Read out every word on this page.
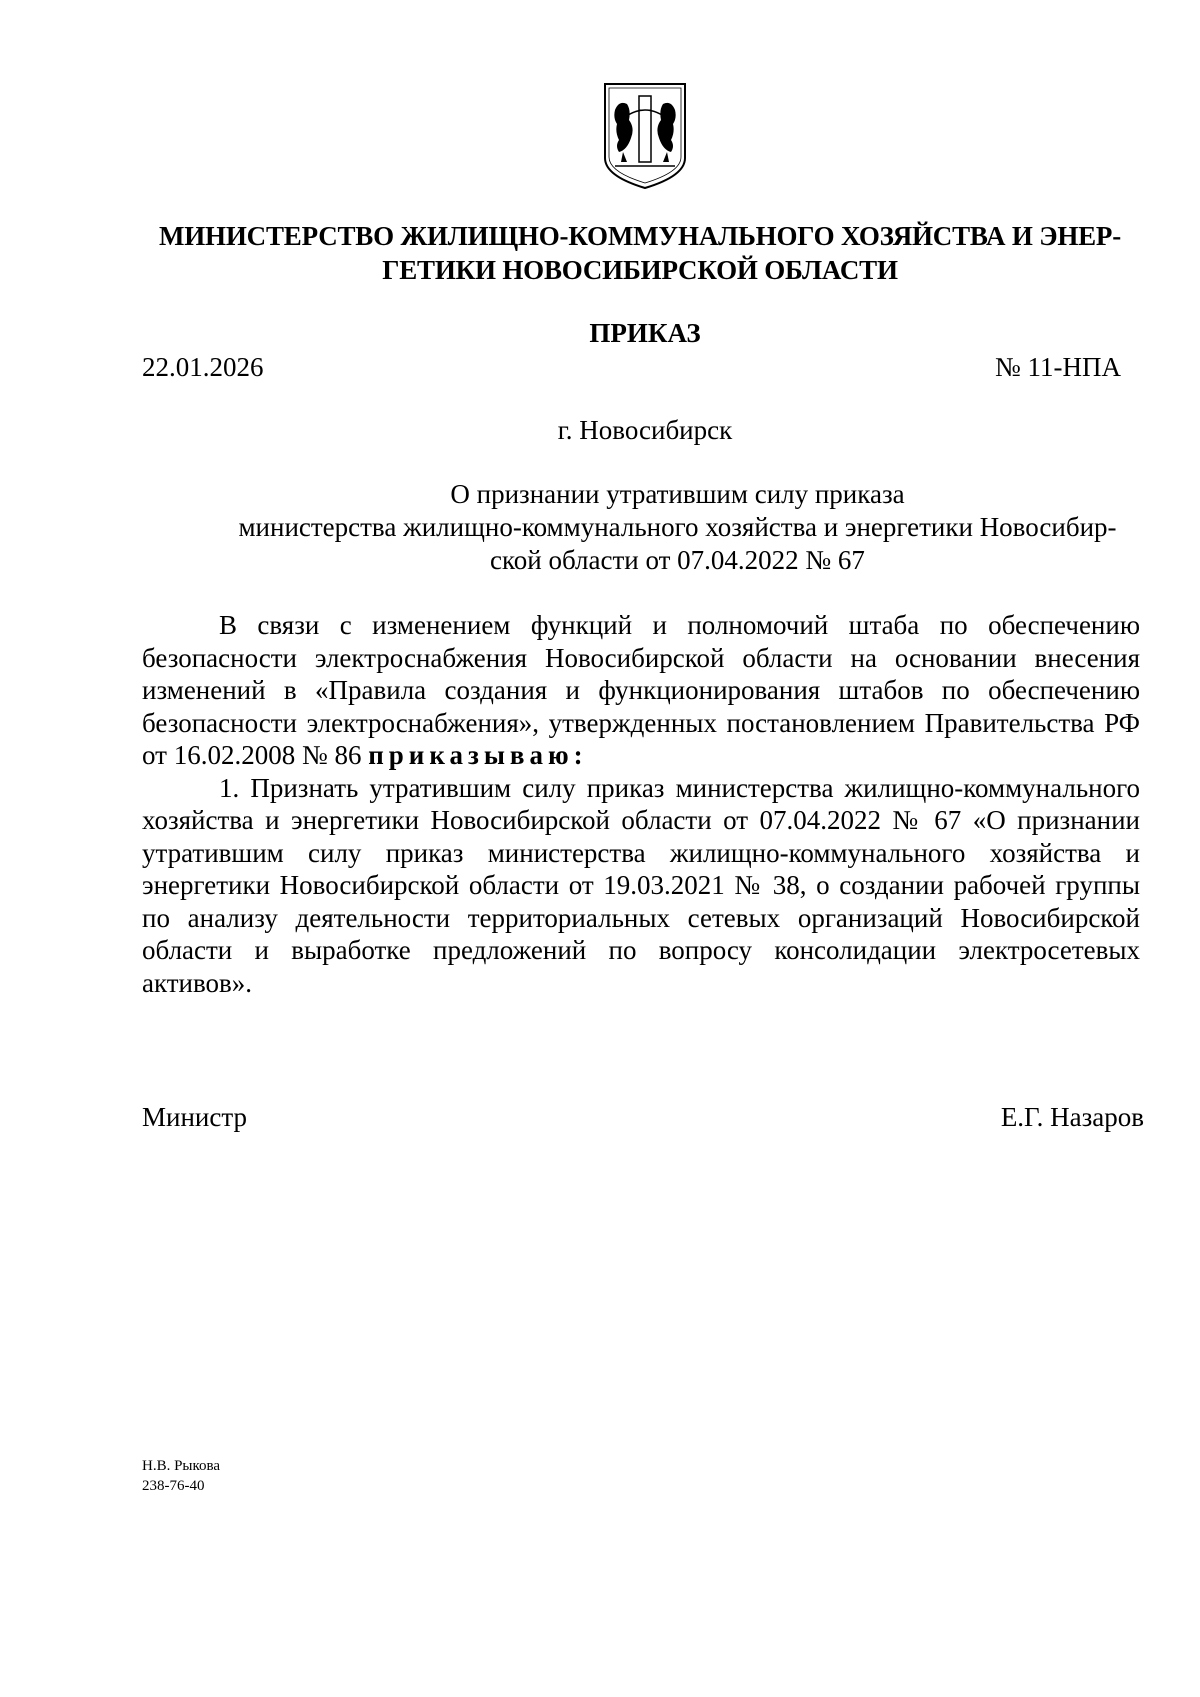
МИНИСТЕРСТВО ЖИЛИЩНО-КОММУНАЛЬНОГО ХОЗЯЙСТВА И ЭНЕР-
ГЕТИКИ НОВОСИБИРСКОЙ ОБЛАСТИ
ПРИКАЗ
22.01.2026	№ 11-НПА
г. Новосибирск
О признании утратившим силу приказа
министерства жилищно-коммунального хозяйства и энергетики Новосибир-
ской области от 07.04.2022 № 67

В связи с изменением функций и полномочий штаба по обеспечению безопасности электроснабжения Новосибирской области на основании внесения изменений в «Правила создания и функционирования штабов по обеспечению безопасности электроснабжения», утвержденных постановлением Правительства РФ от 16.02.2008 № 86 приказываю:

1. Признать утратившим силу приказ министерства жилищно-коммунального хозяйства и энергетики Новосибирской области от 07.04.2022 № 67 «О признании утратившим силу приказ министерства жилищно-коммунального хозяйства и энергетики Новосибирской области от 19.03.2021 № 38, о создании рабочей группы по анализу деятельности территориальных сетевых организаций Новосибирской области и выработке предложений по вопросу консолидации электросетевых активов».

Министр	Е.Г. Назаров
Н.В. Рыкова
238-76-40
